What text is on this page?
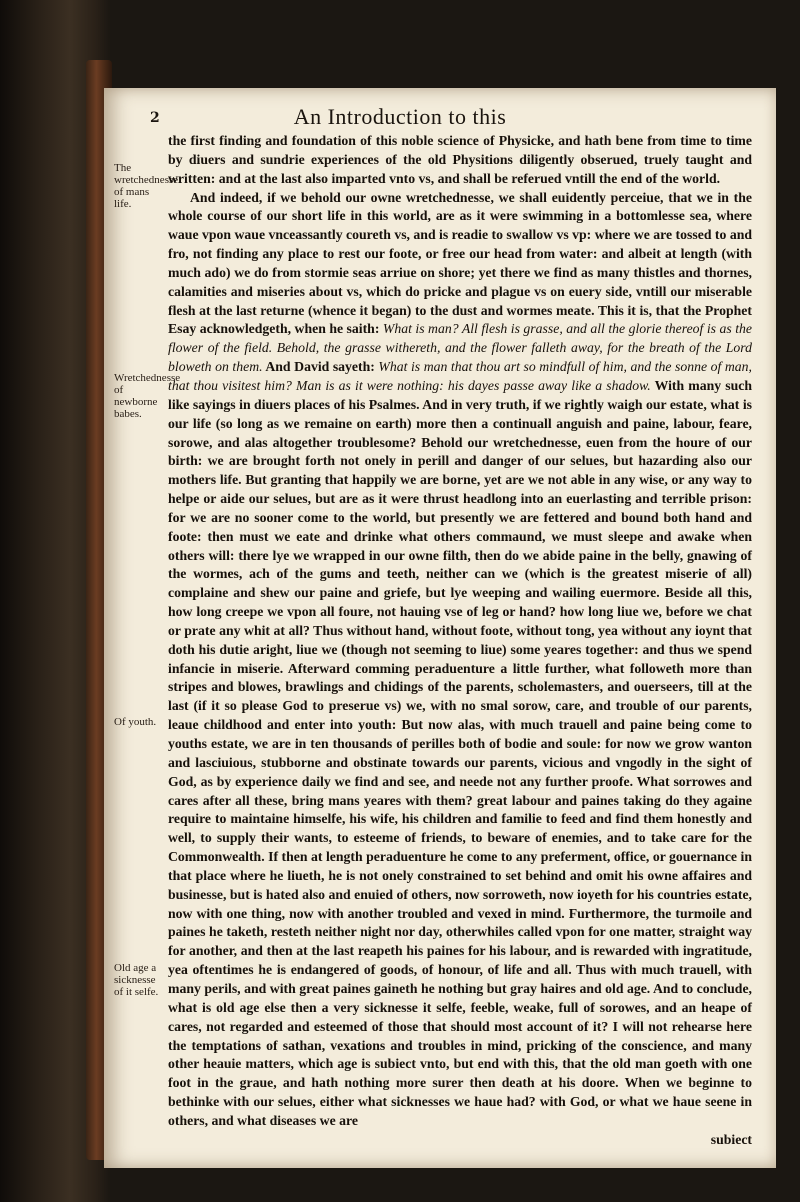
2	An Introduction to this
The wretchednesse of mans life.
Wretchednesse of newborne babes.
Of youth.
Old age a sicknesse of it selfe.

the first finding and foundation of this noble science of Physicke, and hath bene from time to time by diuers and sundrie experiences of the old Physitions diligently obserued, truely taught and written: and at the last also imparted vnto vs, and shall be referued vntill the end of the world.

And indeed, if we behold our owne wretchednesse, we shall euidently perceiue, that we in the whole course of our short life in this world, are as it were swimming in a bottomlesse sea, where waue vpon waue vnceassantly coureth vs, and is readie to swallow vs vp: where we are tossed to and fro, not finding any place to rest our foote, or free our head from water: and albeit at length (with much ado) we do from stormie seas arriue on shore; yet there we find as many thistles and thornes, calamities and miseries about vs, which do pricke and plague vs on euery side, vntill our miserable flesh at the last returne (whence it began) to the dust and wormes meate. This it is, that the Prophet Esay acknowledgeth, when he saith: What is man? All flesh is grasse, and all the glorie thereof is as the flower of the field. Behold, the grasse withereth, and the flower falleth away, for the breath of the Lord bloweth on them. And David sayeth: What is man that thou art so mindfull of him, and the sonne of man, that thou visitest him? Man is as it were nothing: his dayes passe away like a shadow. With many such like sayings in diuers places of his Psalmes. And in very truth, if we rightly waigh our estate, what is our life (so long as we remaine on earth) more then a continuall anguish and paine, labour, feare, sorowe, and alas altogether troublesome? Behold our wretchednesse, euen from the houre of our birth: we are brought forth not onely in perill and danger of our selues, but hazarding also our mothers life. But granting that happily we are borne, yet are we not able in any wise, or any way to helpe or aide our selues, but are as it were thrust headlong into an euerlasting and terrible prison: for we are no sooner come to the world, but presently we are fettered and bound both hand and foote: then must we eate and drinke what others commaund, we must sleepe and awake when others will: there lye we wrapped in our owne filth, then do we abide paine in the belly, gnawing of the wormes, ach of the gums and teeth, neither can we (which is the greatest miserie of all) complaine and shew our paine and griefe, but lye weeping and wailing euermore. Beside all this, how long creepe we vpon all foure, not hauing vse of leg or hand? how long liue we, before we chat or prate any whit at all? Thus without hand, without foote, without tong, yea without any ioynt that doth his dutie aright, liue we (though not seeming to liue) some yeares together: and thus we spend infancie in miserie. Afterward comming peraduenture a little further, what followeth more than stripes and blowes, brawlings and chidings of the parents, scholemasters, and ouerseers, till at the last (if it so please God to preserue vs) we, with no smal sorow, care, and trouble of our parents, leaue childhood and enter into youth: But now alas, with much trauell and paine being come to youths estate, we are in ten thousands of perilles both of bodie and soule: for now we grow wanton and lasciuious, stubborne and obstinate towards our parents, vicious and vngodly in the sight of God, as by experience daily we find and see, and neede not any further proofe. What sorrowes and cares after all these, bring mans yeares with them? great labour and paines taking do they againe require to maintaine himselfe, his wife, his children and familie to feed and find them honestly and well, to supply their wants, to esteeme of friends, to beware of enemies, and to take care for the Commonwealth. If then at length peraduenture he come to any preferment, office, or gouernance in that place where he liueth, he is not onely constrained to set behind and omit his owne affaires and businesse, but is hated also and enuied of others, now sorroweth, now ioyeth for his countries estate, now with one thing, now with another troubled and vexed in mind. Furthermore, the turmoile and paines he taketh, resteth neither night nor day, otherwhiles called vpon for one matter, straight way for another, and then at the last reapeth his paines for his labour, and is rewarded with ingratitude, yea oftentimes he is endangered of goods, of honour, of life and all. Thus with much trauell, with many perils, and with great paines gaineth he nothing but gray haires and old age. And to conclude, what is old age else then a very sicknesse it selfe, feeble, weake, full of sorowes, and an heape of cares, not regarded and esteemed of those that should most account of it? I will not rehearse here the temptations of sathan, vexations and troubles in mind, pricking of the conscience, and many other heauie matters, which age is subiect vnto, but end with this, that the old man goeth with one foot in the graue, and hath nothing more surer then death at his doore. When we beginne to bethinke with our selues, either what sicknesses we haue had? with God, or what we haue seene in others, and what diseases we are

subiect
